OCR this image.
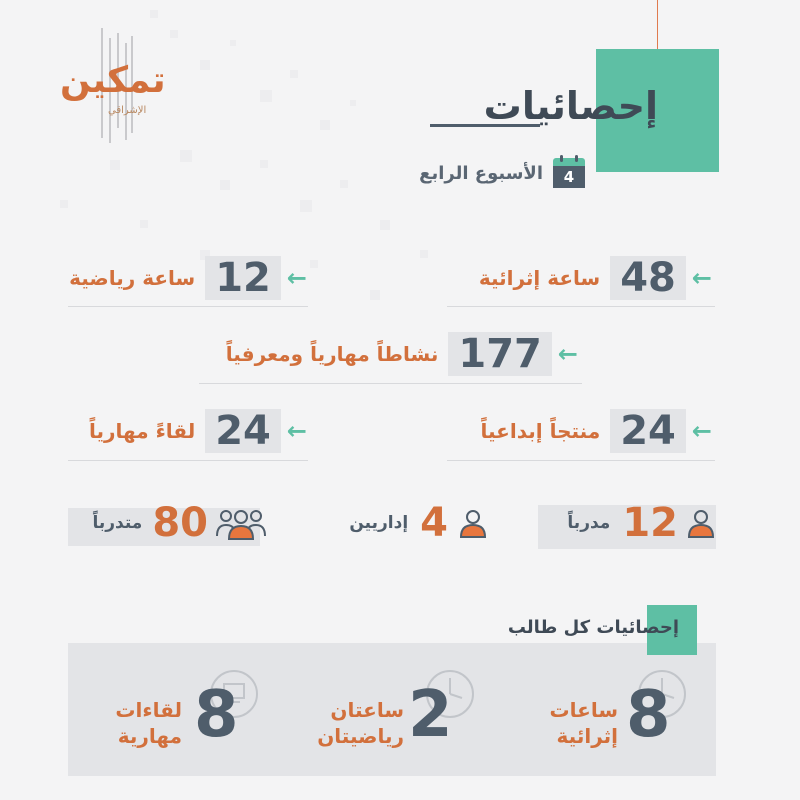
تمكين
الإشراقي	إحصائيات
4
الأسبوع الرابع
←
48
ساعة إثرائية
←
12
ساعة رياضية
←
177
نشاطاً مهارياً ومعرفياً
←
24
منتجاً إبداعياً
←
24
لقاءً مهارياً
12
مدرباً
4
إداريين
80
متدرباً
إحصائيات كل طالب
8
ساعات
إثرائية
2
ساعتان
رياضيتان
8
لقاءات
مهارية
